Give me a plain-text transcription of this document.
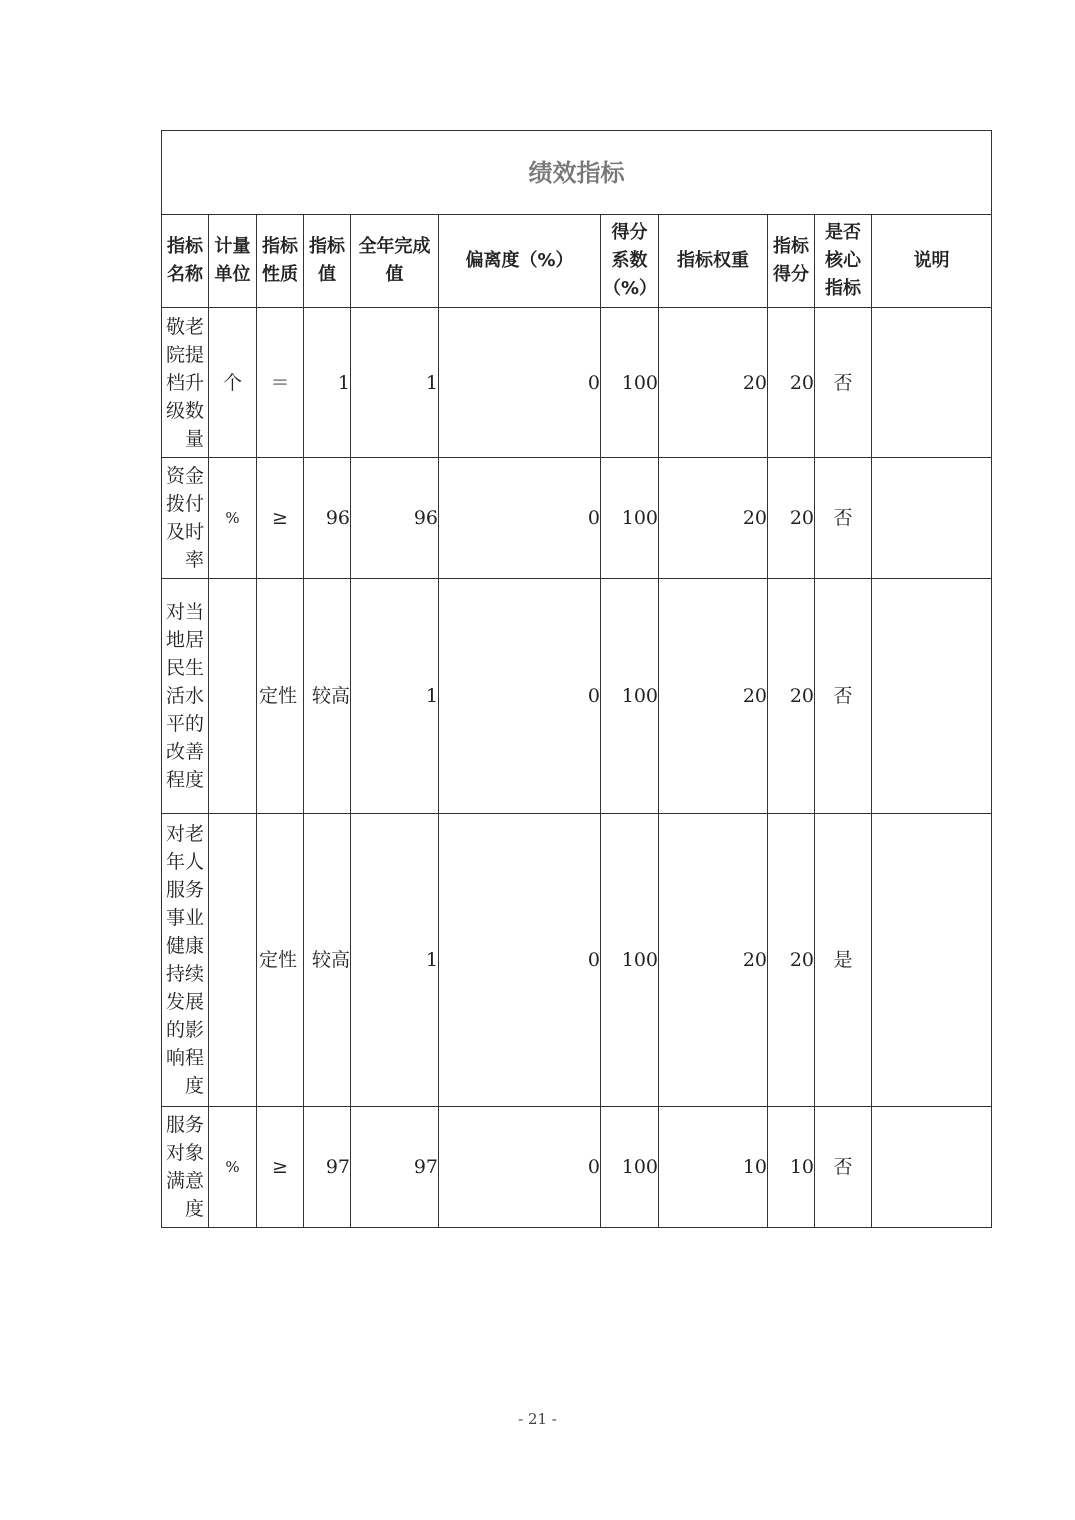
绩效指标										
指标名称	计量单位	指标性质	指标值	全年完成值	偏离度（%）	得分系数（%）	指标权重	指标得分	是否核心指标	说明
敬老院提档升级数量	个	＝	1	1	0	100	20	20	否	
资金拨付及时率	%	≥	96	96	0	100	20	20	否	
对当地居民生活水平的改善程度		定性	较高	1	0	100	20	20	否	
对老年人服务事业健康持续发展的影响程度		定性	较高	1	0	100	20	20	是	
服务对象满意度	%	≥	97	97	0	100	10	10	否	
- 21 -
